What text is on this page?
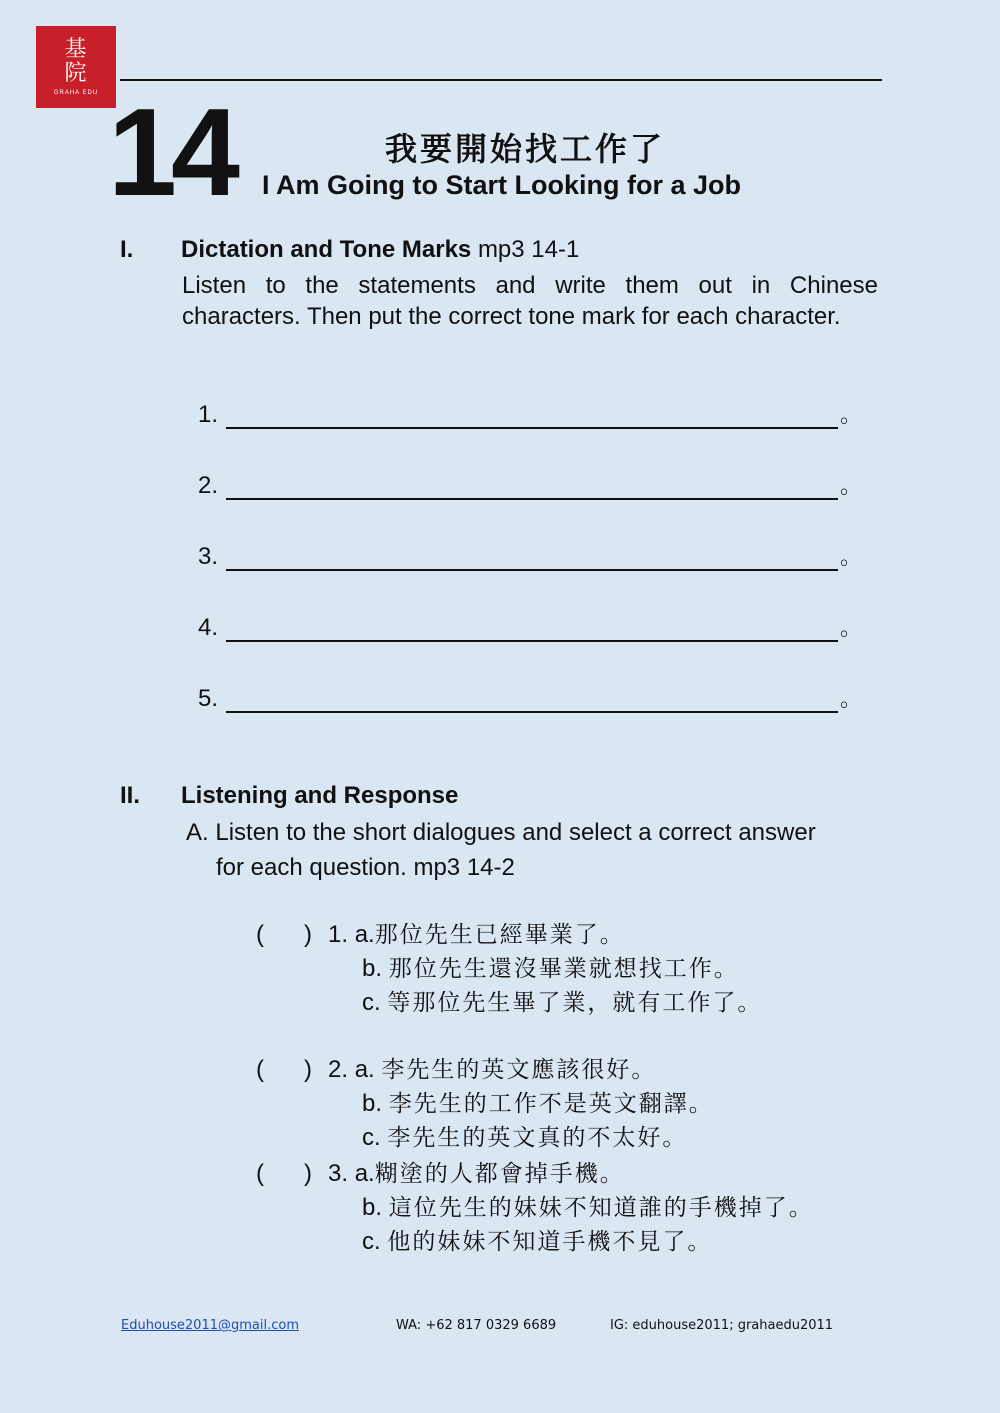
基
院
GRAHA EDU 14	我要開始找工作了
I Am Going to Start Looking for a Job
I. Dictation and Tone Marks mp3 14-1
Listen to the statements and write them out in Chinese characters. Then put the correct tone mark for each character.
1.	。
2.	。
3.	。
4.	。
5.	。
II. Listening and Response
A. Listen to the short dialogues and select a correct answer
for each question. mp3 14-2
(      ) 1. a.那位先生已經畢業了。
b. 那位先生還沒畢業就想找工作。
c. 等那位先生畢了業，就有工作了。
(      ) 2. a. 李先生的英文應該很好。
b. 李先生的工作不是英文翻譯。
c. 李先生的英文真的不太好。
(      ) 3. a.糊塗的人都會掉手機。
b. 這位先生的妹妹不知道誰的手機掉了。
c. 他的妹妹不知道手機不見了。
Eduhouse2011@gmail.com	WA: +62 817 0329 6689	IG: eduhouse2011; grahaedu2011
